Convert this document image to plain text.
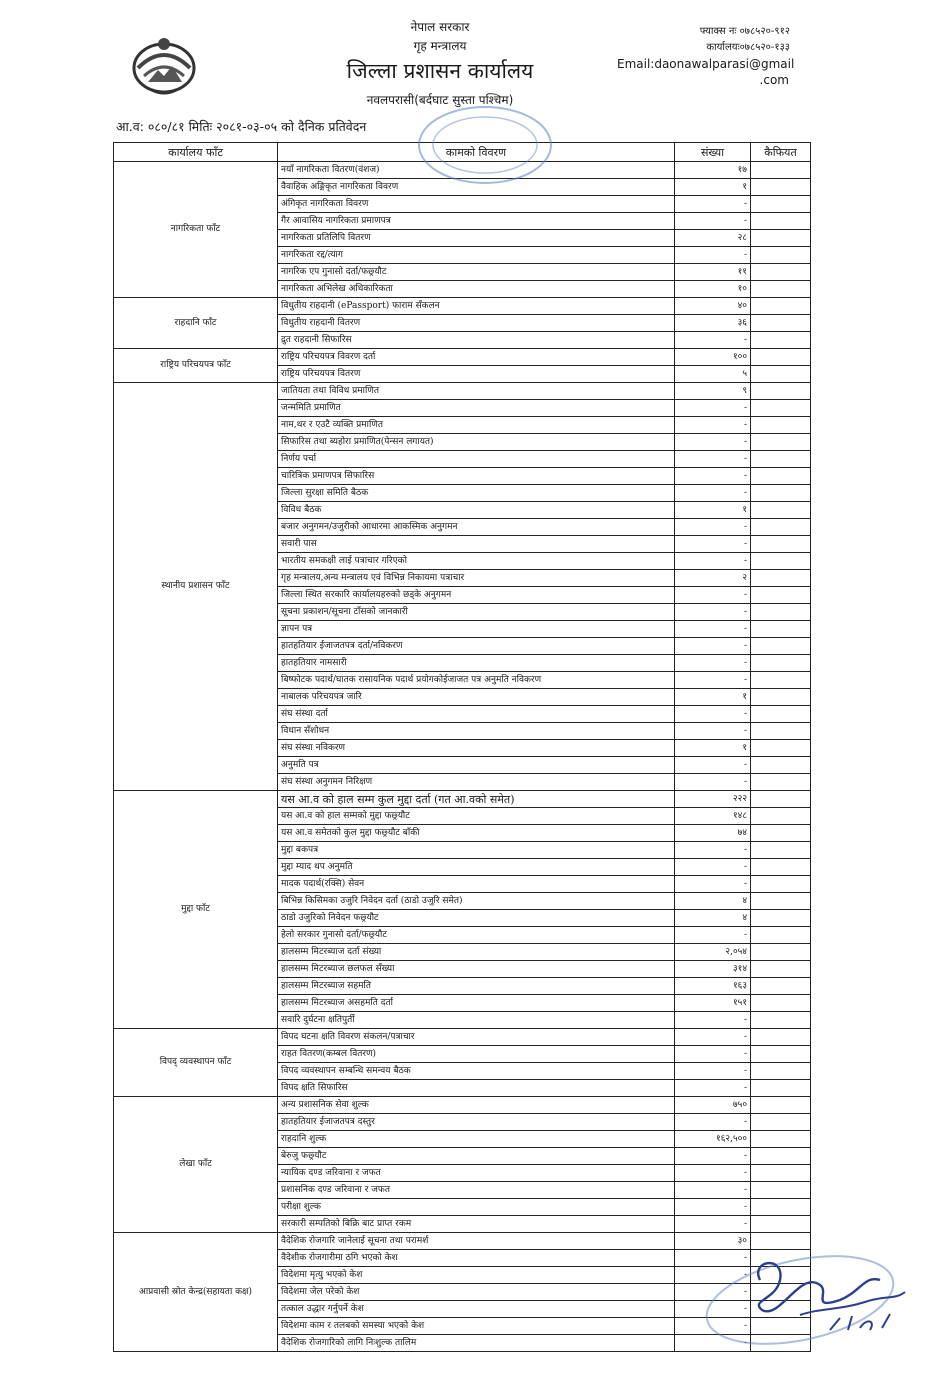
नेपाल सरकार
गृह मन्त्रालय
जिल्ला प्रशासन कार्यालय
नवलपरासी(बर्दघाट सुस्ता पश्चिम)
फ्याक्स नः ०७८५२०-९१२
कार्यालयः०७८५२०-१३३
Email:daonawalparasi@gmail
.com
आ.व: ०८०/८१ मितिः २०८१-०३-०५ को दैनिक प्रतिवेदन
कार्यालय फाँट	कामको विवरण	संख्या	कैफियत
नागरिकता फाँट	नयाँ नागरिकता वितरण(वंशज)	१७	
	वैवाहिक अङ्गिकृत नागरिकता विवरण	१	
	अंगिकृत नागरिकता विवरण	-	
	गैर आवासिय नागरिकता प्रमाणपत्र	-	
	नागरिकता प्रतिलिपि वितरण	२८	
	नागरिकता रद्द/त्याग	-	
	नागरिक एप गुनासो दर्ता/फछ्र्यौट	११	
	नागरिकता अभिलेख अधिकारिकता	१०	
राहदानि फाँट	विधुतीय राहदानी (ePassport) फाराम सँकलन	४०	
	विधुतीय राहदानी वितरण	३६	
	द्रुत राहदानी सिफारिस	-	
राष्ट्रिय परिचयपत्र फाँट	राष्ट्रिय परिचयपत्र विवरण दर्ता	१००	
	राष्ट्रिय परिचयपत्र वितरण	५	
स्थानीय प्रशासन फाँट	जातियता तथा विविध प्रमाणित	९	
	जन्ममिति प्रमाणित	-	
	नाम,थर र एउटै व्यक्ति प्रमाणित	-	
	सिफारिस तथा ब्यहोरा प्रमाणित(पेन्सन लगायत)	-	
	निर्णय पर्चा	-	
	चारित्रिक प्रमाणपत्र सिफारिस	-	
	जिल्ला सुरक्षा समिति बैठक	-	
	विविध बैठक	१	
	बजार अनुगमन/उजुरीको आधारमा आकस्मिक अनुगमन	-	
	सवारी पास	-	
	भारतीय समकक्षी लाई पत्राचार गरिएको	-	
	गृह मन्त्रालय,अन्य मन्त्रालय एवं विभिन्न निकायमा पत्राचार	२	
	जिल्ला स्थित सरकारि कार्यालयहरुको छड्के अनुगमन	-	
	सूचना प्रकाशन/सूचना टाँसको जानकारी	-	
	ज्ञापन पत्र	-	
	हातहतियार ईजाजतपत्र दर्ता/नविकरण	-	
	हातहतियार नामसारी	-	
	बिष्फोटक पदार्थ/घातक रासायनिक पदार्थ प्रयोगकोईजाजत पत्र अनुमति नविकरण	-	
	नाबालक परिचयपत्र जारि	१	
	संघ संस्था दर्ता	-	
	विधान सँशोधन	-	
	संघ संस्था नविकरण	१	
	अनुमति पत्र	-	
	संघ संस्था अनुगमन निरिक्षण	-	
मुद्दा फाँट	यस आ.व को हाल सम्म कुल मुद्दा दर्ता (गत आ.वको समेत)	२२२	
	यस आ.व को हाल सम्मको मुद्दा फछ्र्यौट	१४८	
	यस आ.व समेतको कुल मुद्दा फछ्र्यौट बाँकी	७४	
	मुद्दा बकपत्र	-	
	मुद्दा म्याद थप अनुमति	-	
	मादक पदार्थ(रक्सि) सेवन	-	
	बिभिन्न किसिमका उजुरि निवेदन दर्ता (ठाडो उजुरि समेत)	४	
	ठाडो उजुरिको निवेदन फछ्र्यौट	४	
	हेलो सरकार गुनासो दर्ता/फछ्र्यौट	-	
	हालसम्म मिटरब्याज दर्ता संख्या	२,०५४	
	हालसम्म मिटरब्याज छलफल सँख्या	३१४	
	हालसम्म मिटरब्याज सहमति	१६३	
	हालसम्म मिटरब्याज असहमति दर्ता	१५१	
	सवारि दुर्घटना क्षतिपुर्ती	-	
विपद् व्यवस्थापन फाँट	विपद घटना क्षति विवरण संकलन/पत्राचार	-	
	राहत वितरण(कम्बल वितरण)	-	
	विपद व्यवस्थापन सम्बन्धि समन्वय बैठक	-	
	विपद क्षति सिफारिस	-	
लेखा फाँट	अन्य प्रशासनिक सेवा शुल्क	७५०	
	हातहतियार ईजाजतपत्र दस्तुर	-	
	राहदानि शुल्क	१६२,५००	
	बेरुजु फछ्र्यौट	-	
	न्यायिक दण्ड जरिवाना र जफत	-	
	प्रशासनिक दण्ड जरिवाना र जफत	-	
	परीक्षा शुल्क	-	
	सरकारी सम्पतिको बिक्रि बाट प्राप्त रकम	-	
आप्रवासी स्रोत केन्द्र(सहायता कक्ष)	वैदेशिक रोजगारि जानेलाई सूचना तथा परामर्श	३०	
	वैदेशीक रोजगारीमा ठगि भएको केश	-	
	विदेशमा मृत्यु भएको केश	-	
	विदेशमा जेल परेको केश	-	
	तत्काल उद्धार गर्नुपर्ने केश	-	
	विदेशमा काम र तलबको समस्या भएको केश	-	
	वैदेशिक रोजगारिको लागि निःशुल्क तालिम	-	
